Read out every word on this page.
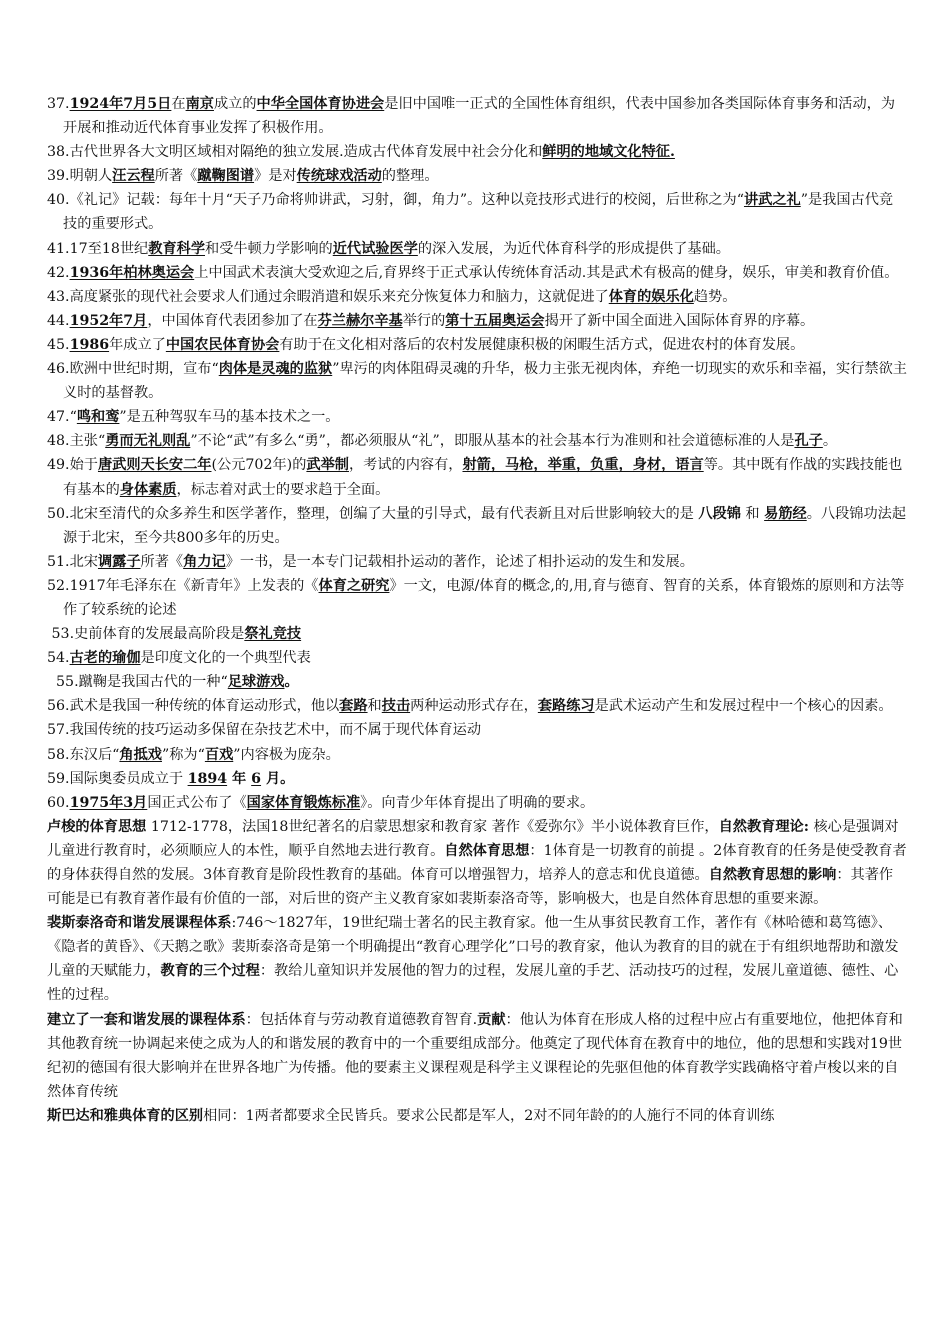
37.1924年7月5日在南京成立的中华全国体育协进会是旧中国唯一正式的全国性体育组织，代表中国参加各类国际体育事务和活动，为开展和推动近代体育事业发挥了积极作用。

38.古代世界各大文明区域相对隔绝的独立发展.造成古代体育发展中社会分化和鲜明的地域文化特征.

39.明朝人汪云程所著《蹴鞠图谱》是对传统球戏活动的整理。

40.《礼记》记载：每年十月“天子乃命将帅讲武，习射，御，角力”。这种以竞技形式进行的校阅，后世称之为“讲武之礼”是我国古代竞技的重要形式。

41.17至18世纪教育科学和受牛顿力学影响的近代试验医学的深入发展，为近代体育科学的形成提供了基础。

42.1936年柏林奥运会上中国武术表演大受欢迎之后,育界终于正式承认传统体育活动.其是武术有极高的健身，娱乐，审美和教育价值。

43.高度紧张的现代社会要求人们通过余暇消遣和娱乐来充分恢复体力和脑力，这就促进了体育的娱乐化趋势。

44.1952年7月，中国体育代表团参加了在芬兰赫尔辛基举行的第十五届奥运会揭开了新中国全面进入国际体育界的序幕。

45.1986年成立了中国农民体育协会有助于在文化相对落后的农村发展健康积极的闲暇生活方式，促进农村的体育发展。

46.欧洲中世纪时期，宣布“肉体是灵魂的监狱”卑污的肉体阻碍灵魂的升华，极力主张无视肉体，弃绝一切现实的欢乐和幸福，实行禁欲主义时的基督教。

47.“鸣和鸾”是五种驾驭车马的基本技术之一。

48.主张“勇而无礼则乱”不论“武”有多么“勇”，都必须服从“礼”，即服从基本的社会基本行为准则和社会道德标准的人是孔子。

49.始于唐武则天长安二年(公元702年)的武举制，考试的内容有，射箭，马枪，举重，负重，身材，语言等。其中既有作战的实践技能也有基本的身体素质，标志着对武士的要求趋于全面。

50.北宋至清代的众多养生和医学著作，整理，创编了大量的引导式，最有代表新且对后世影响较大的是 八段锦 和 易筋经。八段锦功法起源于北宋，至今共800多年的历史。

51.北宋调露子所著《角力记》一书，是一本专门记载相扑运动的著作，论述了相扑运动的发生和发展。

52.1917年毛泽东在《新青年》上发表的《体育之研究》一文，电源/体育的概念,的,用,育与德育、智育的关系，体育锻炼的原则和方法等作了较系统的论述

53.史前体育的发展最高阶段是祭礼竞技

54.古老的瑜伽是印度文化的一个典型代表

55.蹴鞠是我国古代的一种“足球游戏。

56.武术是我国一种传统的体育运动形式，他以套路和技击两种运动形式存在，套路练习是武术运动产生和发展过程中一个核心的因素。

57.我国传统的技巧运动多保留在杂技艺术中，而不属于现代体育运动

58.东汉后“角抵戏”称为“百戏”内容极为庞杂。

59.国际奥委员成立于 1894 年 6 月。

60.1975年3月国正式公布了《国家体育锻炼标准》。向青少年体育提出了明确的要求。

卢梭的体育思想 1712-1778，法国18世纪著名的启蒙思想家和教育家 著作《爱弥尔》半小说体教育巨作，自然教育理论: 核心是强调对儿童进行教育时，必须顺应人的本性，顺乎自然地去进行教育。自然体育思想：1体育是一切教育的前提 。2体育教育的任务是使受教育者的身体获得自然的发展。3体育教育是阶段性教育的基础。体育可以增强智力，培养人的意志和优良道德。自然教育思想的影响：其著作可能是已有教育著作最有价值的一部，对后世的资产主义教育家如裴斯泰洛奇等，影响极大，也是自然体育思想的重要来源。

裴斯泰洛奇和谐发展课程体系:746～1827年，19世纪瑞士著名的民主教育家。他一生从事贫民教育工作，著作有《林哈德和葛笃德》、《隐者的黄昏》、《天鹅之歌》裴斯泰洛奇是第一个明确提出“教育心理学化”口号的教育家，他认为教育的目的就在于有组织地帮助和激发儿童的天赋能力，教育的三个过程：教给儿童知识并发展他的智力的过程，发展儿童的手艺、活动技巧的过程，发展儿童道德、德性、心性的过程。

建立了一套和谐发展的课程体系：包括体育与劳动教育道德教育智育.贡献：他认为体育在形成人格的过程中应占有重要地位，他把体育和其他教育统一协调起来使之成为人的和谐发展的教育中的一个重要组成部分。他奠定了现代体育在教育中的地位，他的思想和实践对19世纪初的德国有很大影响并在世界各地广为传播。他的要素主义课程观是科学主义课程论的先驱但他的体育教学实践确格守着卢梭以来的自然体育传统

斯巴达和雅典体育的区别相同：1两者都要求全民皆兵。要求公民都是军人，2对不同年龄的的人施行不同的体育训练
